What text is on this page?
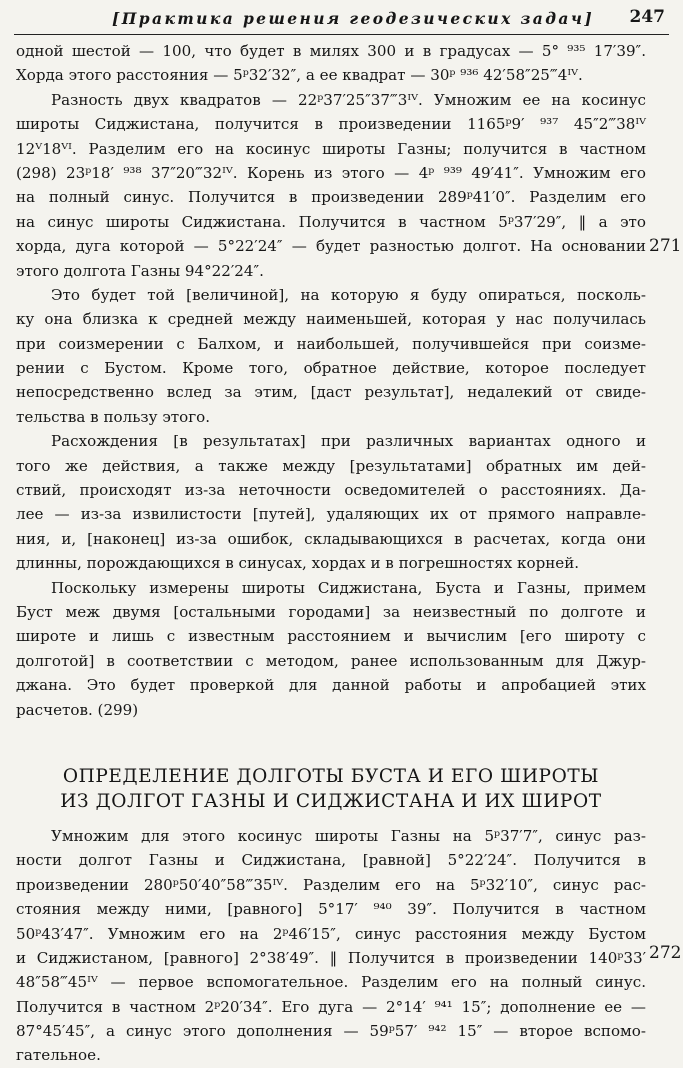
[Практика решения геодезических задач] 247
одной шестой — 100, что будет в милях 300 и в градусах — 5° ⁹³⁵ 17′39″.
Хорда этого расстояния — 5ᵖ32′32″, а ее квадрат — 30ᵖ ⁹³⁶ 42′58″25‴4ᴵⱽ.
Разность двух квадратов — 22ᵖ37′25″37‴3ᴵⱽ. Умножим ее на косинус
широты Сиджистана, получится в произведении 1165ᵖ9′ ⁹³⁷ 45″2‴38ᴵⱽ
12ⱽ18ⱽᴵ. Разделим его на косинус широты Газны; получится в частном
(298) 23ᵖ18′ ⁹³⁸ 37″20‴32ᴵⱽ. Корень из этого — 4ᵖ ⁹³⁹ 49′41″. Умножим его
на полный синус. Получится в произведении 289ᵖ41′0″. Разделим его
на синус широты Сиджистана. Получится в частном 5ᵖ37′29″, ‖ а это
хорда, дуга которой — 5°22′24″ — будет разностью долгот. На основании
этого долгота Газны 94°22′24″.
Это будет той [величиной], на которую я буду опираться, посколь-
ку она близка к средней между наименьшей, которая у нас получилась
при соизмерении с Балхом, и наибольшей, получившейся при соизме-
рении с Бустом. Кроме того, обратное действие, которое последует
непосредственно вслед за этим, [даст результат], недалекий от свиде-
тельства в пользу этого.
Расхождения [в результатах] при различных вариантах одного и
того же действия, а также между [результатами] обратных им дей-
ствий, происходят из-за неточности осведомителей о расстояниях. Да-
лее — из-за извилистости [путей], удаляющих их от прямого направле-
ния, и, [наконец] из-за ошибок, складывающихся в расчетах, когда они
длинны, порождающихся в синусах, хордах и в погрешностях корней.
Поскольку измерены широты Сиджистана, Буста и Газны, примем
Буст меж двумя [остальными городами] за неизвестный по долготе и
широте и лишь с известным расстоянием и вычислим [его широту с
долготой] в соответствии с методом, ранее использованным для Джур-
джана. Это будет проверкой для данной работы и апробацией этих
расчетов. (299)
ОПРЕДЕЛЕНИЕ ДОЛГОТЫ БУСТА И ЕГО ШИРОТЫ
ИЗ ДОЛГОТ ГАЗНЫ И СИДЖИСТАНА И ИХ ШИРОТ
Умножим для этого косинус широты Газны на 5ᵖ37′7″, синус раз-
ности долгот Газны и Сиджистана, [равной] 5°22′24″. Получится в
произведении 280ᵖ50′40″58‴35ᴵⱽ. Разделим его на 5ᵖ32′10″, синус рас-
стояния между ними, [равного] 5°17′ ⁹⁴⁰ 39″. Получится в частном
50ᵖ43′47″. Умножим его на 2ᵖ46′15″, синус расстояния между Бустом
и Сиджистаном, [равного] 2°38′49″. ‖ Получится в произведении 140ᵖ33′
48″58‴45ᴵⱽ — первое вспомогательное. Разделим его на полный синус.
Получится в частном 2ᵖ20′34″. Его дуга — 2°14′ ⁹⁴¹ 15″; дополнение ее —
87°45′45″, а синус этого дополнения — 59ᵖ57′ ⁹⁴² 15″ — второе вспомо-
гательное.
271
272
